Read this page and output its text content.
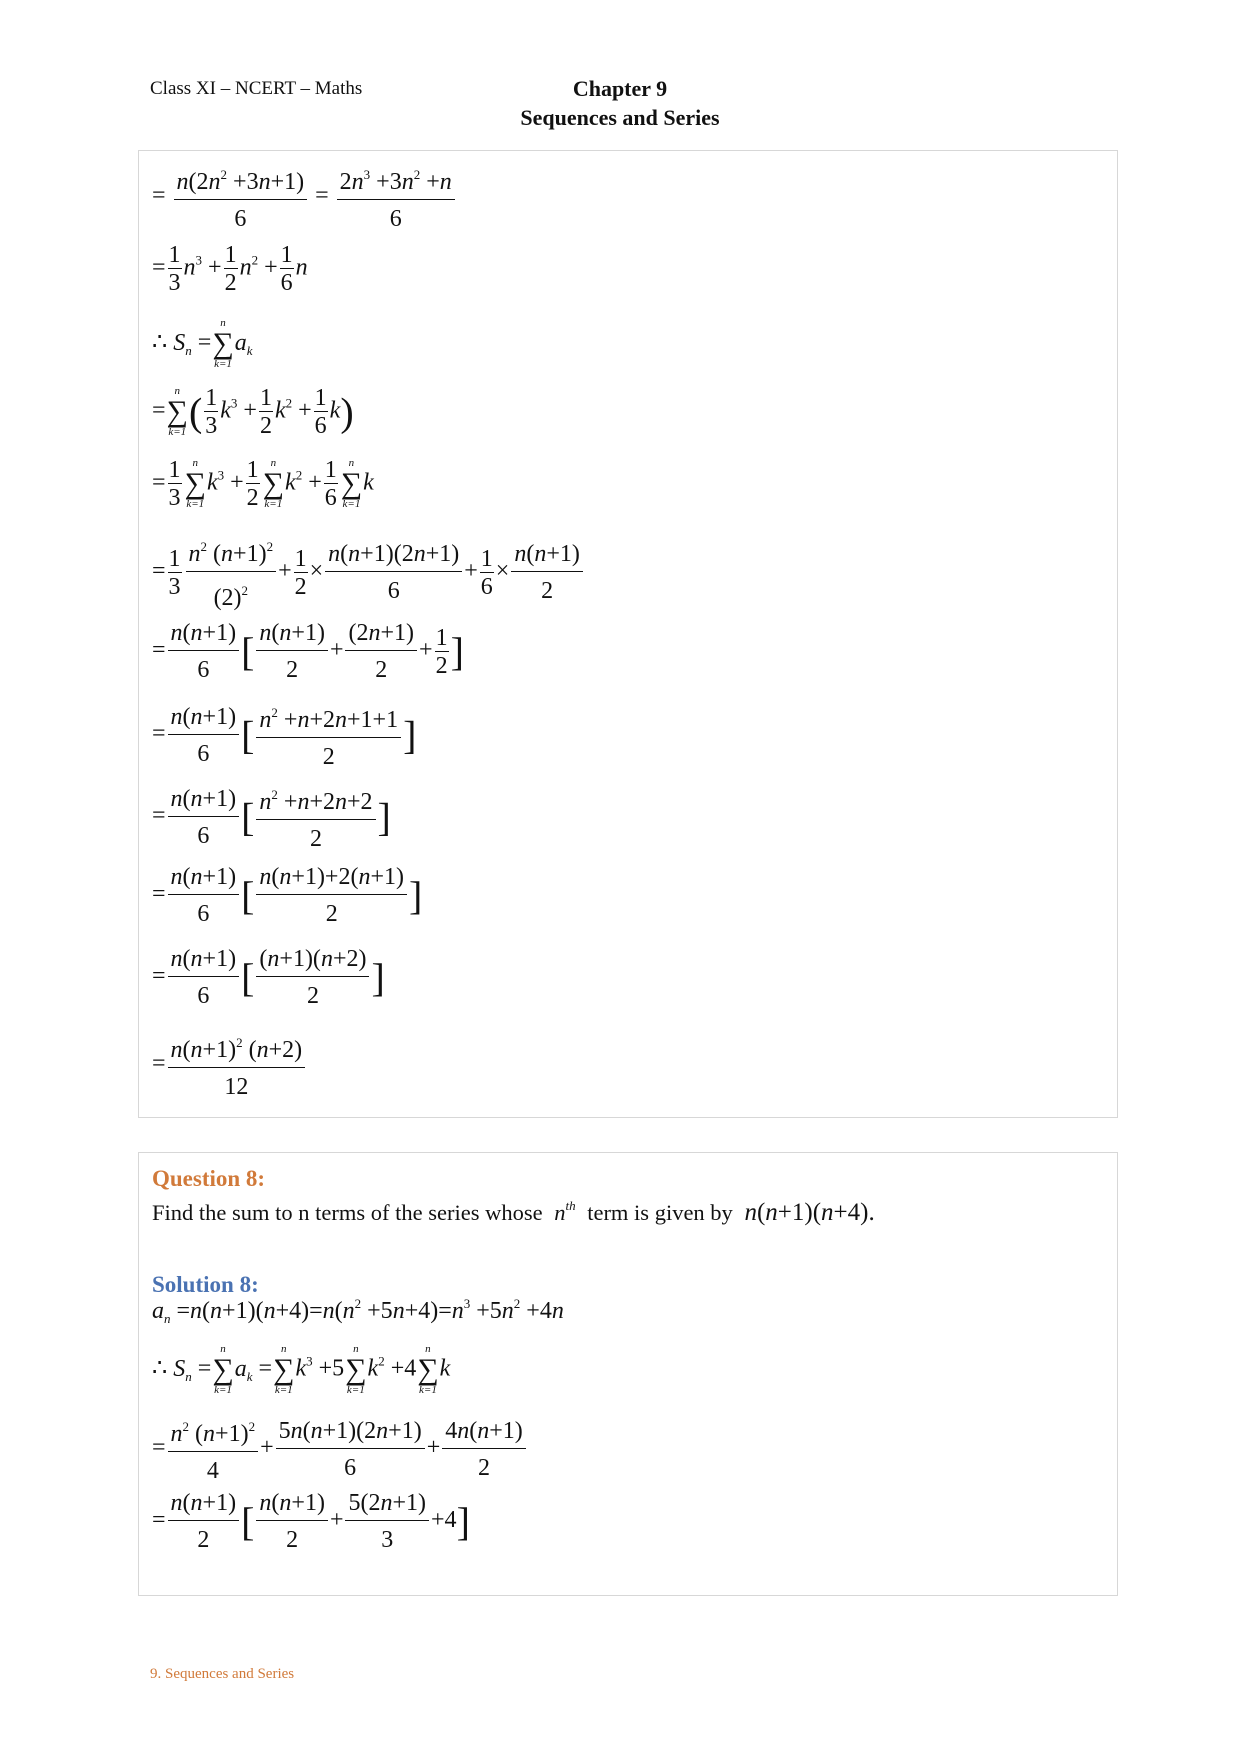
Class XI – NCERT – Maths	Chapter 9
Sequences and Series
= $\frac{n(2n^2 +3n+1)}{6} = \frac{2n^3 +3n^2 +n}{6}$
= $\frac{1}{3} n^3 + \frac{1}{2} n^2 + \frac{1}{6}$ n
∴ $S_n$ =
n
∑
k=1
$a_k$
=
n
∑
k=1 ( $\frac{1}{3} k^3 + \frac{1}{2} k^2 + \frac{1}{6} k$)
= $\frac{1}{3}$ n
∑
k=1
$k^3 + \frac{1}{2}$ n
∑
k=1
$k^2 + \frac{1}{6}$ n
∑
k=1
k
= $\frac{1}{3} \frac{n^2 (n+1)^2}{(2)^2} + \frac{1}{2} \times \frac{n(n+1)(2n+1)}{6} + \frac{1}{6} \times \frac{n(n+1)}{2}$
= $\frac{n(n+1)}{6}$ [ $\frac{n(n+1)}{2} + \frac{(2n+1)}{2} + \frac{1}{2}$ ]
= $\frac{n(n+1)}{6}$ [ $\frac{n^2 +n+2n+1+1}{2}$ ]
= $\frac{n(n+1)}{6}$ [ $\frac{n^2 +n+2n+2}{2}$ ]
= $\frac{n(n+1)}{6}$ [ $\frac{n(n+1)+2(n+1)}{2}$ ]
= $\frac{n(n+1)}{6}$ [ $\frac{(n+1)(n+2)}{2}$ ]
= $\frac{n(n+1)^2 (n+2)}{12}$
Question 8:
Find the sum to n terms of the series whose $n^{th}$ term is given by n(n+1)(n+4).
Solution 8:
$a_n =n(n+1)(n+4)=n(n^2 +5n+4)=n^3 +5n^2 +4n$
∴ $S_n$ =
n
∑
k=1
$a_k$ =
n
∑
k=1
$k^3 +5$
n
∑
k=1
$k^2 +4$
n
∑
k=1
k
= $\frac{n^2 (n+1)^2}{4} + \frac{5n(n+1)(2n+1)}{6} + \frac{4n(n+1)}{2}$
= $\frac{n(n+1)}{2}$ [ $\frac{n(n+1)}{2} + \frac{5(2n+1)}{3} +4$]
9. Sequences and Series
